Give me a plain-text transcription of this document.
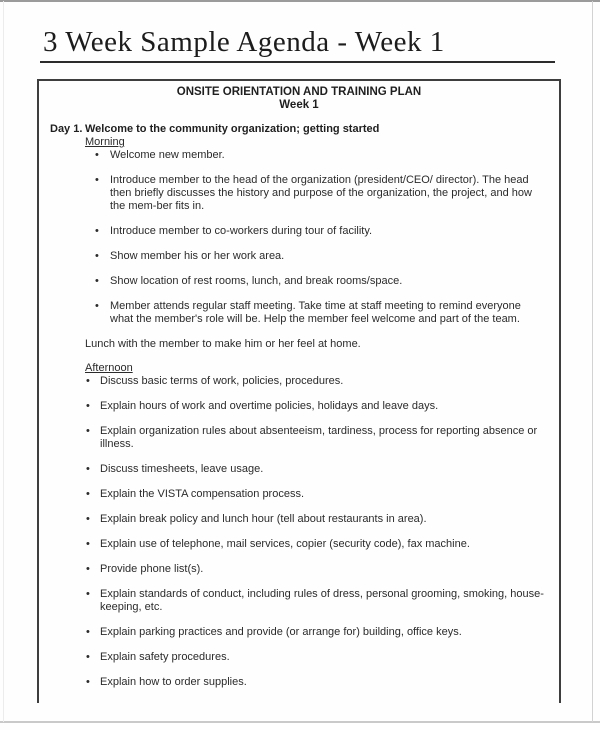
3 Week Sample Agenda - Week 1
ONSITE ORIENTATION AND TRAINING PLAN
Week 1
Day 1. Welcome to the community organization; getting started
Morning
•	Welcome new member.
•	Introduce member to the head of the organization (president/CEO/ director). The head then briefly discusses the history and purpose of the organization, the project, and how the mem-ber fits in.
•	Introduce member to co-workers during tour of facility.
•	Show member his or her work area.
•	Show location of rest rooms, lunch, and break rooms/space.
•	Member attends regular staff meeting. Take time at staff meeting to remind everyone what the member's role will be. Help the member feel welcome and part of the team.
Lunch with the member to make him or her feel at home.
Afternoon
• Discuss basic terms of work, policies, procedures.
• Explain hours of work and overtime policies, holidays and leave days.
• Explain organization rules about absenteeism, tardiness, process for reporting absence or illness.
• Discuss timesheets, leave usage.
• Explain the VISTA compensation process.
• Explain break policy and lunch hour (tell about restaurants in area).
• Explain use of telephone, mail services, copier (security code), fax machine.
• Provide phone list(s).
• Explain standards of conduct, including rules of dress, personal grooming, smoking, house-keeping, etc.
• Explain parking practices and provide (or arrange for) building, office keys.
• Explain safety procedures.
• Explain how to order supplies.
